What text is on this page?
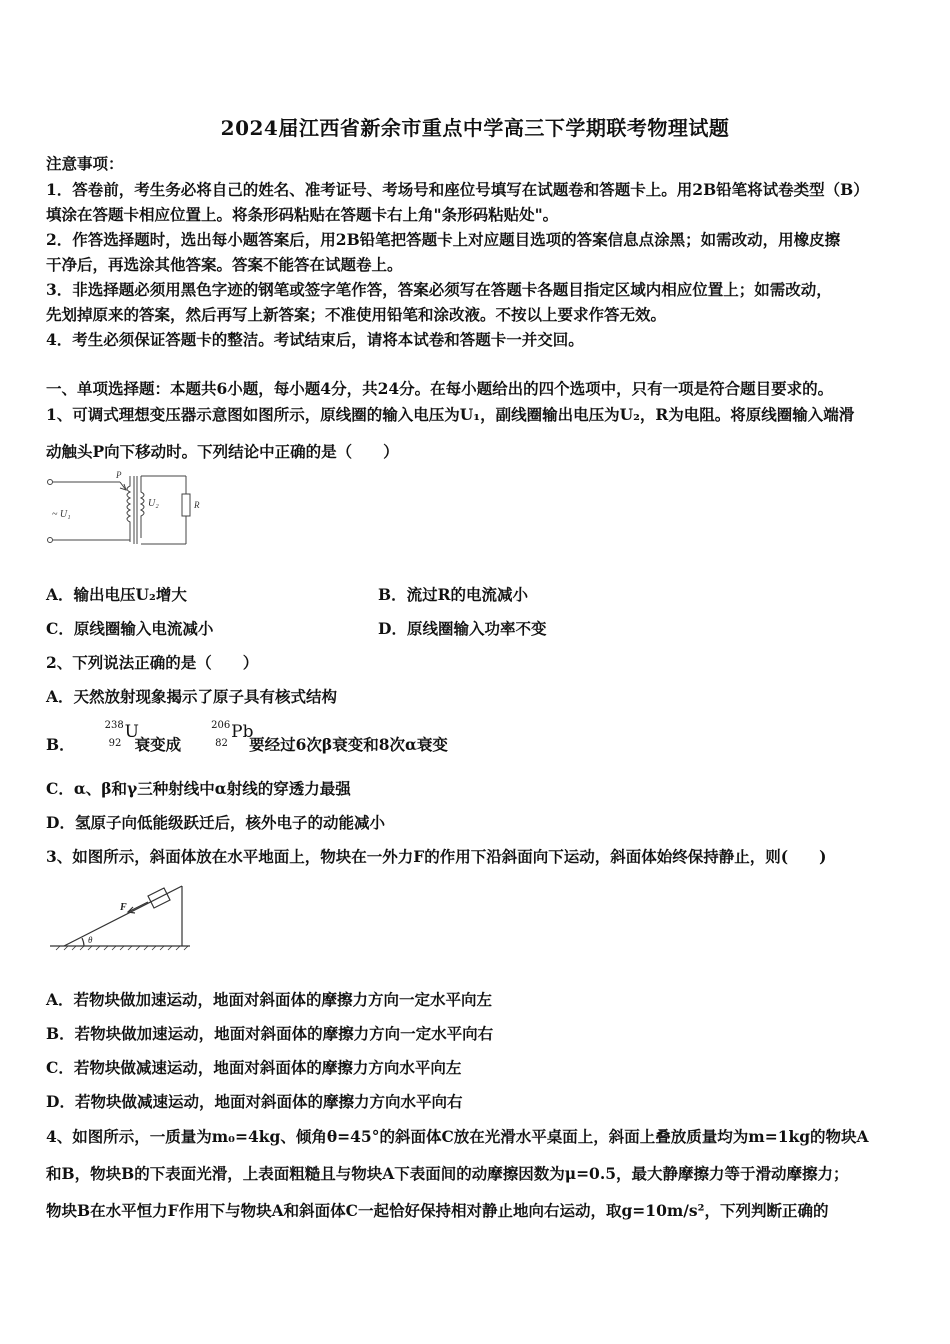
2024届江西省新余市重点中学高三下学期联考物理试题
注意事项：
1．答卷前，考生务必将自己的姓名、准考证号、考场号和座位号填写在试题卷和答题卡上。用2B铅笔将试卷类型（B）
填涂在答题卡相应位置上。将条形码粘贴在答题卡右上角"条形码粘贴处"。
2．作答选择题时，选出每小题答案后，用2B铅笔把答题卡上对应题目选项的答案信息点涂黑；如需改动，用橡皮擦
干净后，再选涂其他答案。答案不能答在试题卷上。
3．非选择题必须用黑色字迹的钢笔或签字笔作答，答案必须写在答题卡各题目指定区域内相应位置上；如需改动，
先划掉原来的答案，然后再写上新答案；不准使用铅笔和涂改液。不按以上要求作答无效。
4．考生必须保证答题卡的整洁。考试结束后，请将本试卷和答题卡一并交回。
一、单项选择题：本题共6小题，每小题4分，共24分。在每小题给出的四个选项中，只有一项是符合题目要求的。
1、可调式理想变压器示意图如图所示，原线圈的输入电压为U₁，副线圈输出电压为U₂，R为电阻。将原线圈输入端滑
动触头P向下移动时。下列结论中正确的是（　　）
P
~ U₁
U₂	R
A．输出电压U₂增大	B．流过R的电流减小
C．原线圈输入电流减小	D．原线圈输入功率不变
2、下列说法正确的是（　　）
A．天然放射现象揭示了原子具有核式结构
B．
238
92
U
衰变成
206
82
Pb
要经过6次β衰变和8次α衰变
C．α、β和γ三种射线中α射线的穿透力最强
D．氢原子向低能级跃迁后，核外电子的动能减小
3、如图所示，斜面体放在水平地面上，物块在一外力F的作用下沿斜面向下运动，斜面体始终保持静止，则(　　)
F
θ
A．若物块做加速运动，地面对斜面体的摩擦力方向一定水平向左
B．若物块做加速运动，地面对斜面体的摩擦力方向一定水平向右
C．若物块做减速运动，地面对斜面体的摩擦力方向水平向左
D．若物块做减速运动，地面对斜面体的摩擦力方向水平向右
4、如图所示，一质量为m₀=4kg、倾角θ=45°的斜面体C放在光滑水平桌面上，斜面上叠放质量均为m=1kg的物块A
和B，物块B的下表面光滑，上表面粗糙且与物块A下表面间的动摩擦因数为μ=0.5，最大静摩擦力等于滑动摩擦力；
物块B在水平恒力F作用下与物块A和斜面体C一起恰好保持相对静止地向右运动，取g=10m/s²，下列判断正确的
